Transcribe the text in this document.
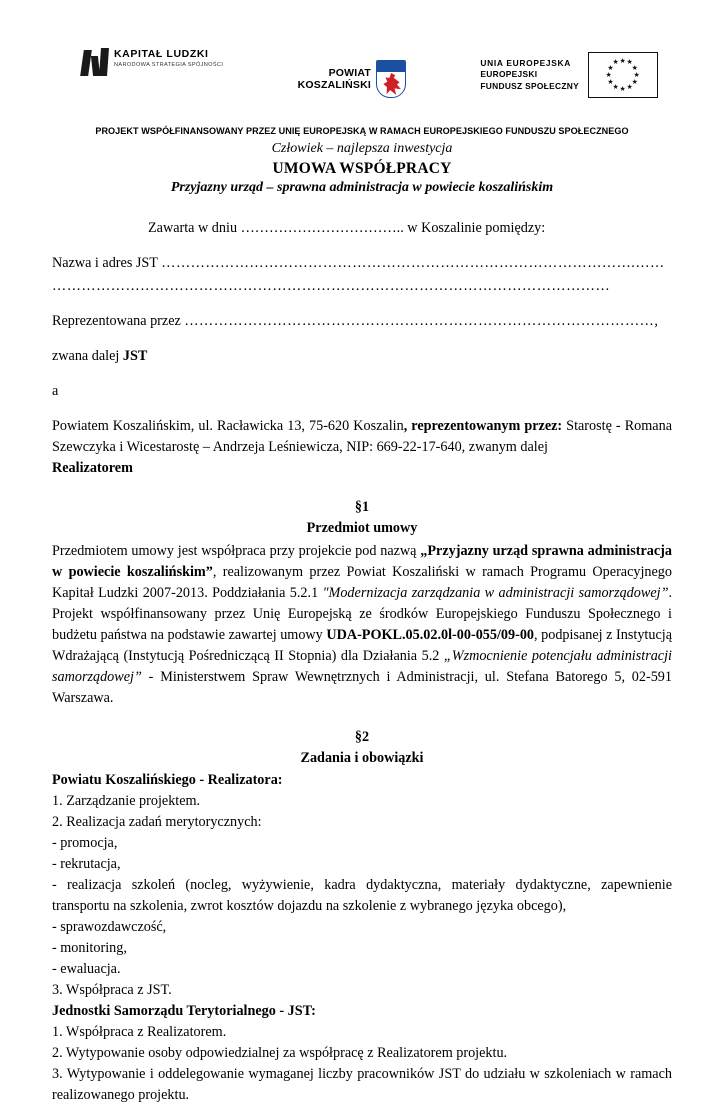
KAPITAŁ LUDZKI
NARODOWA STRATEGIA SPÓJNOŚCI
POWIAT
KOSZALIŃSKI
UNIA EUROPEJSKA
EUROPEJSKI
FUNDUSZ SPOŁECZNY
★ ★
★
★
★
★
★
★
★
★
★
★
PROJEKT WSPÓŁFINANSOWANY PRZEZ UNIĘ EUROPEJSKĄ W RAMACH EUROPEJSKIEGO FUNDUSZU SPOŁECZNEGO
Człowiek – najlepsza inwestycja
UMOWA WSPÓŁPRACY
Przyjazny urząd – sprawna administracja w powiecie koszalińskim
Zawarta w dniu …………………………….. w Koszalinie pomiędzy:
Nazwa i adres JST …………………………………………………………………………………….……
……………………………………………………………………………………………………
Reprezentowana przez ……………………………………………………………………………………,
zwana dalej JST
a
Powiatem Koszalińskim, ul. Racławicka 13, 75-620 Koszalin, reprezentowanym przez: Starostę - Romana Szewczyka i Wicestarostę – Andrzeja Leśniewicza, NIP: 669-22-17-640, zwanym dalej
Realizatorem
§1
Przedmiot umowy
Przedmiotem umowy jest współpraca przy projekcie pod nazwą „Przyjazny urząd sprawna administracja w powiecie koszalińskim”, realizowanym przez Powiat Koszaliński w ramach Programu Operacyjnego Kapitał Ludzki 2007-2013. Poddziałania 5.2.1 "Modernizacja zarządzania w administracji samorządowej”. Projekt współfinansowany przez Unię Europejską ze środków Europejskiego Funduszu Społecznego i budżetu państwa na podstawie zawartej umowy UDA-POKL.05.02.0l-00-055/09-00, podpisanej z Instytucją Wdrażającą (Instytucją Pośredniczącą II Stopnia) dla Działania 5.2 „Wzmocnienie potencjału administracji samorządowej” - Ministerstwem Spraw Wewnętrznych i Administracji, ul. Stefana Batorego 5, 02-591 Warszawa.
§2
Zadania i obowiązki
Powiatu Koszalińskiego - Realizatora:
1. Zarządzanie projektem.
2. Realizacja zadań merytorycznych:
- promocja,
- rekrutacja,
- realizacja szkoleń (nocleg, wyżywienie, kadra dydaktyczna, materiały dydaktyczne, zapewnienie transportu na szkolenia, zwrot kosztów dojazdu na szkolenie z wybranego języka obcego),
- sprawozdawczość,
- monitoring,
- ewaluacja.
3. Współpraca z JST.
Jednostki Samorządu Terytorialnego - JST:
1. Współpraca z Realizatorem.
2. Wytypowanie osoby odpowiedzialnej za współpracę z Realizatorem projektu.
3. Wytypowanie i oddelegowanie wymaganej liczby pracowników JST do udziału w szkoleniach w ramach realizowanego projektu.
